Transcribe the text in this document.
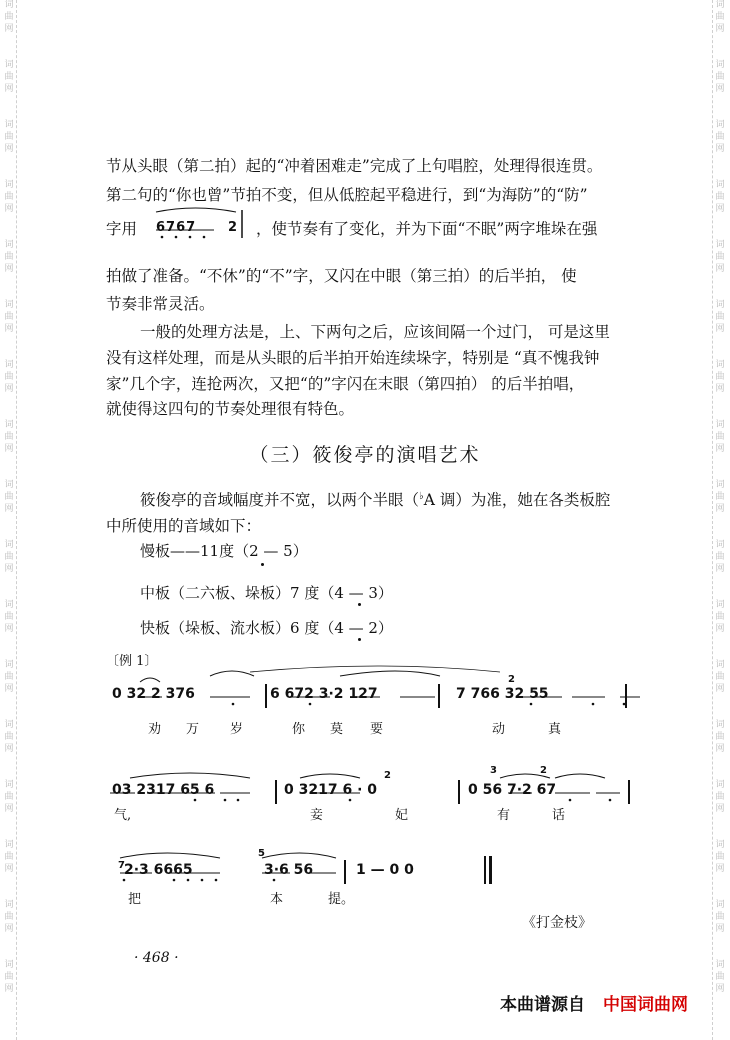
词
曲
网
词
曲
网
词
曲
网
词
曲
网
词
曲
网
词
曲
网
词
曲
网
词
曲
网
词
曲
网
词
曲
网
词
曲
网
词
曲
网
词
曲
网
词
曲
网
词
曲
网
词
曲
网
词
曲
网
词
曲
网
词
曲
网
词
曲
网
词
曲
网
词
曲
网
词
曲
网
词
曲
网
词
曲
网
词
曲
网
词
曲
网
词
曲
网
词
曲
网
词
曲
网
词
曲
网
词
曲
网
词
曲
网
词
曲
网
节从头眼（第二拍）起的“冲着困难走”完成了上句唱腔，处理得很连贯。
第二句的“你也曾”节拍不变，但从低腔起平稳进行，到“为海防”的“防”
字用	6767 2 ，使节奏有了变化，并为下面“不眠”两字堆垛在强
拍做了准备。“不休”的“不”字，又闪在中眼（第三拍）的后半拍， 使
节奏非常灵活。
一般的处理方法是，上、下两句之后，应该间隔一个过门， 可是这里
没有这样处理，而是从头眼的后半拍开始连续垛字，特别是 “真不愧我钟
家”几个字，连抢两次，又把“的”字闪在末眼（第四拍） 的后半拍唱，
就使得这四句的节奏处理很有特色。
（三）筱俊亭的演唱艺术
筱俊亭的音域幅度并不宽，以两个半眼（♭A 调）为准，她在各类板腔
中所使用的音域如下：
慢板——11度（2 — 5）
中板（二六板、垛板）7 度（4 — 3）
快板（垛板、流水板）6 度（4 — 2）
〔例 1〕
0 32 2 376	6 672 3·2 127	7 766 32 55
2
劝 万 岁	你 莫 要	动	真
03 2317 65 6	0 3217 6 · 0
2
0 56 7·2 67
3	2
气,	妾	妃	有	话
7 2·3 6665
5
3·6 56	1 — 0 0
把	本	提。
《打金枝》
· 468 ·
本曲谱源自 中国词曲网
